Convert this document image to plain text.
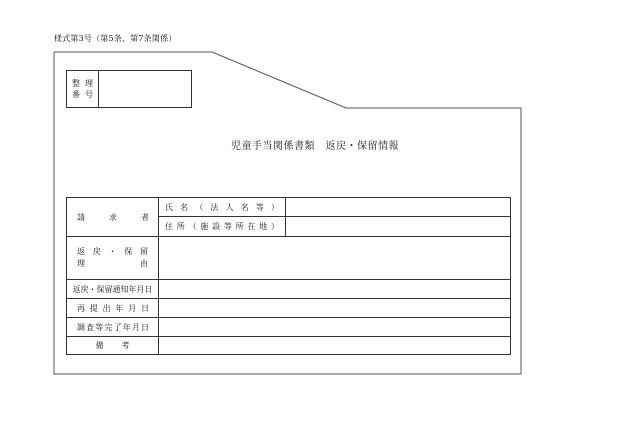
様式第3号（第5条、第7条関係）
整理
番号
児童手当関係書類　返戻・保留情報
請	求	者
氏 名 （ 法 人 名 等 ）
住 所 （ 施 設 等 所 在 地 ）
返 戻 ・ 保 留
理	由
返戻・保留通知年月日
再 提 出 年 月 日
調 査 等 完 了 年 月 日
備 考
